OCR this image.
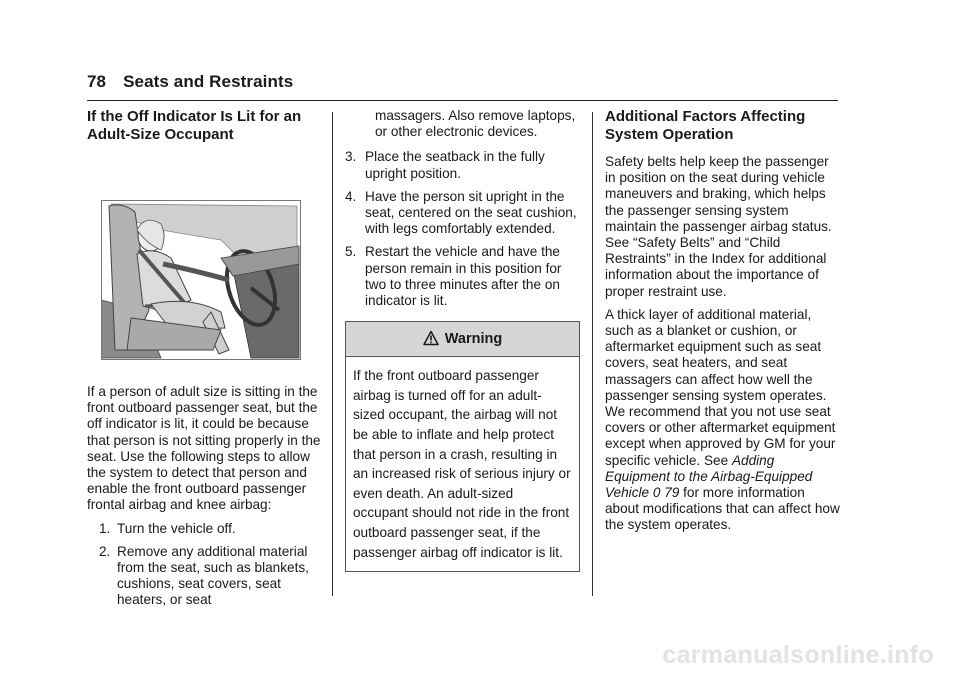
78 Seats and Restraints
If the Off Indicator Is Lit for an Adult-Size Occupant

If a person of adult size is sitting in the front outboard passenger seat, but the off indicator is lit, it could be because that person is not sitting properly in the seat. Use the following steps to allow the system to detect that person and enable the front outboard passenger frontal airbag and knee airbag:

1. Turn the vehicle off.
2. Remove any additional material from the seat, such as blankets, cushions, seat covers, seat heaters, or seat
massagers. Also remove laptops, or other electronic devices.
3. Place the seatback in the fully upright position.
4. Have the person sit upright in the seat, centered on the seat cushion, with legs comfortably extended.
5. Restart the vehicle and have the person remain in this position for two to three minutes after the on indicator is lit.
Warning
If the front outboard passenger airbag is turned off for an adult-sized occupant, the airbag will not be able to inflate and help protect that person in a crash, resulting in an increased risk of serious injury or even death. An adult-sized occupant should not ride in the front outboard passenger seat, if the passenger airbag off indicator is lit.
Additional Factors Affecting System Operation

Safety belts help keep the passenger in position on the seat during vehicle maneuvers and braking, which helps the passenger sensing system maintain the passenger airbag status. See “Safety Belts” and “Child Restraints” in the Index for additional information about the importance of proper restraint use.

A thick layer of additional material, such as a blanket or cushion, or aftermarket equipment such as seat covers, seat heaters, and seat massagers can affect how well the passenger sensing system operates. We recommend that you not use seat covers or other aftermarket equipment except when approved by GM for your specific vehicle. See Adding Equipment to the Airbag-Equipped Vehicle 0 79 for more information about modifications that can affect how the system operates.

carmanualsonline.info
